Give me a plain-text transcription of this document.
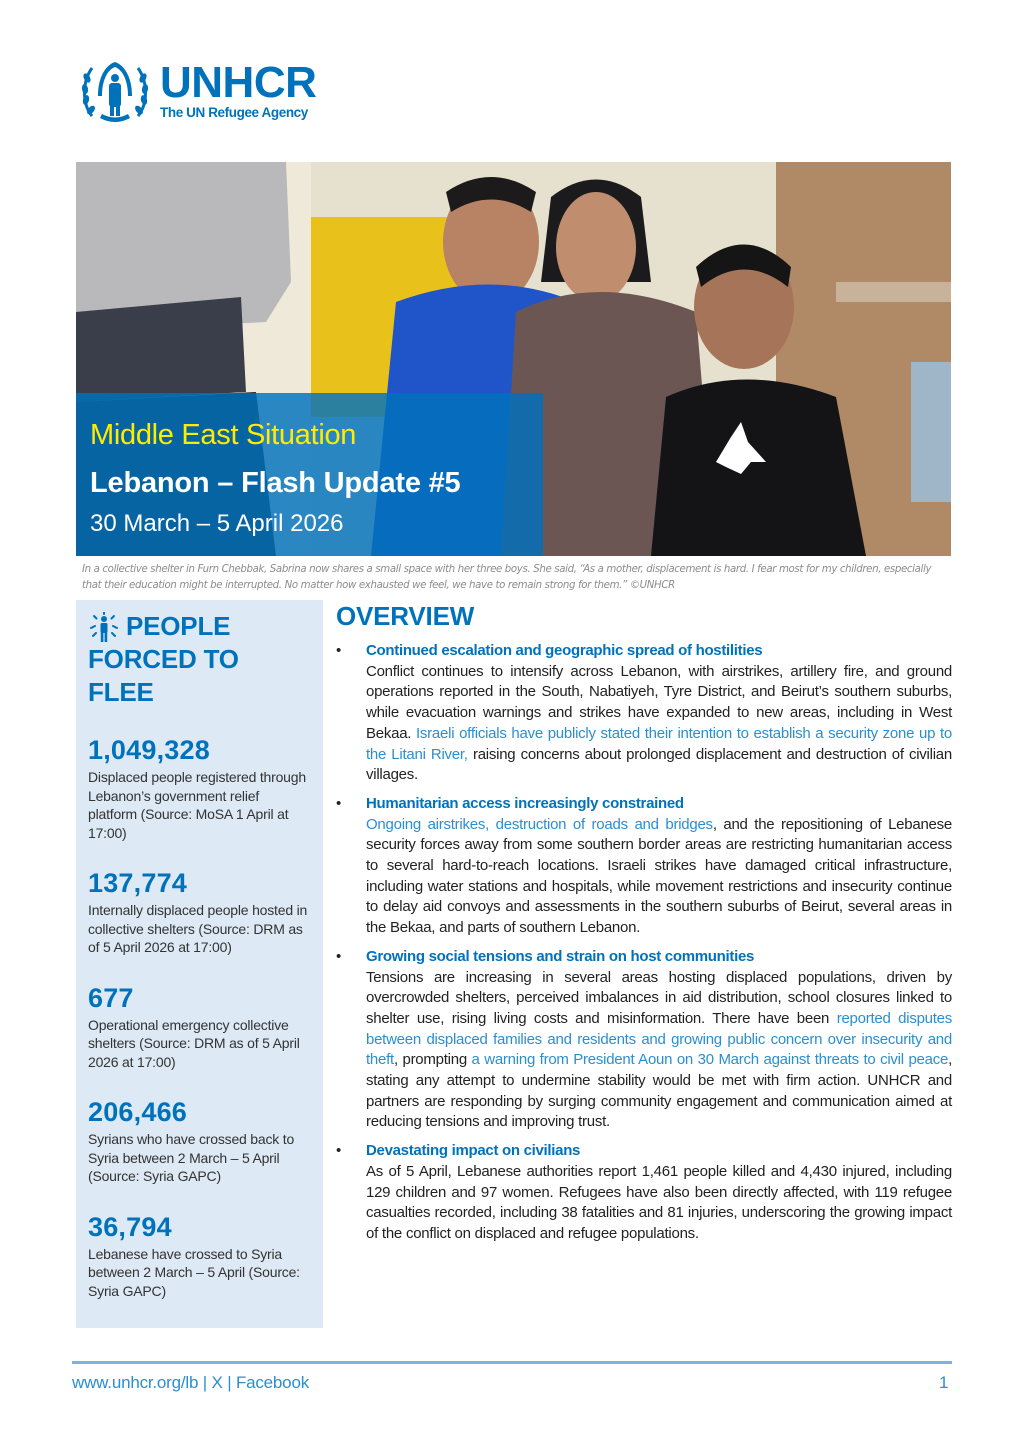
UNHCR
The UN Refugee Agency
Middle East Situation
Lebanon – Flash Update #5
30 March – 5 April 2026
In a collective shelter in Furn Chebbak, Sabrina now shares a small space with her three boys. She said, “As a mother, displacement is hard. I fear most for my children, especially that their education might be interrupted. No matter how exhausted we feel, we have to remain strong for them.” ©UNHCR
PEOPLE
FORCED TO FLEE
1,049,328
Displaced people registered through Lebanon’s government relief platform (Source: MoSA 1 April at 17:00)
137,774
Internally displaced people hosted in collective shelters (Source: DRM as of 5 April 2026 at 17:00)
677
Operational emergency collective shelters (Source: DRM as of 5 April 2026 at 17:00)
206,466
Syrians who have crossed back to Syria between 2 March – 5 April (Source: Syria GAPC)
36,794
Lebanese have crossed to Syria between 2 March – 5 April (Source: Syria GAPC)
OVERVIEW
• Continued escalation and geographic spread of hostilities
Conflict continues to intensify across Lebanon, with airstrikes, artillery fire, and ground operations reported in the South, Nabatiyeh, Tyre District, and Beirut’s southern suburbs, while evacuation warnings and strikes have expanded to new areas, including in West Bekaa. Israeli officials have publicly stated their intention to establish a security zone up to the Litani River, raising concerns about prolonged displacement and destruction of civilian villages.
• Humanitarian access increasingly constrained
Ongoing airstrikes, destruction of roads and bridges, and the repositioning of Lebanese security forces away from some southern border areas are restricting humanitarian access to several hard-to-reach locations. Israeli strikes have damaged critical infrastructure, including water stations and hospitals, while movement restrictions and insecurity continue to delay aid convoys and assessments in the southern suburbs of Beirut, several areas in the Bekaa, and parts of southern Lebanon.
• Growing social tensions and strain on host communities
Tensions are increasing in several areas hosting displaced populations, driven by overcrowded shelters, perceived imbalances in aid distribution, school closures linked to shelter use, rising living costs and misinformation. There have been reported disputes between displaced families and residents and growing public concern over insecurity and theft, prompting a warning from President Aoun on 30 March against threats to civil peace, stating any attempt to undermine stability would be met with firm action. UNHCR and partners are responding by surging community engagement and communication aimed at reducing tensions and improving trust.
• Devastating impact on civilians
As of 5 April, Lebanese authorities report 1,461 people killed and 4,430 injured, including 129 children and 97 women. Refugees have also been directly affected, with 119 refugee casualties recorded, including 38 fatalities and 81 injuries, underscoring the growing impact of the conflict on displaced and refugee populations.
www.unhcr.org/lb | X | Facebook	1
